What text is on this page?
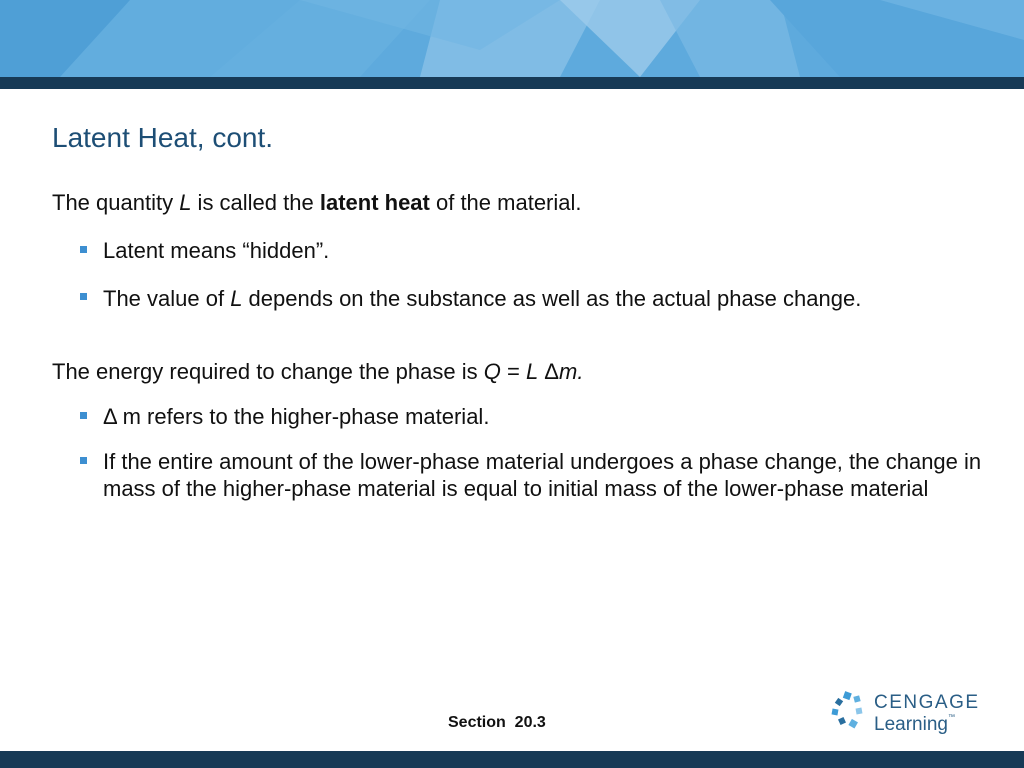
Latent Heat, cont.
The quantity L is called the latent heat of the material.
Latent means “hidden”.
The value of L depends on the substance as well as the actual phase change.
The energy required to change the phase is Q = L Δm.
Δ m refers to the higher-phase material.
If the entire amount of the lower-phase material undergoes a phase change, the change in mass of the higher-phase material is equal to initial mass of the lower-phase material
Section  20.3
CENGAGE
Learning™
